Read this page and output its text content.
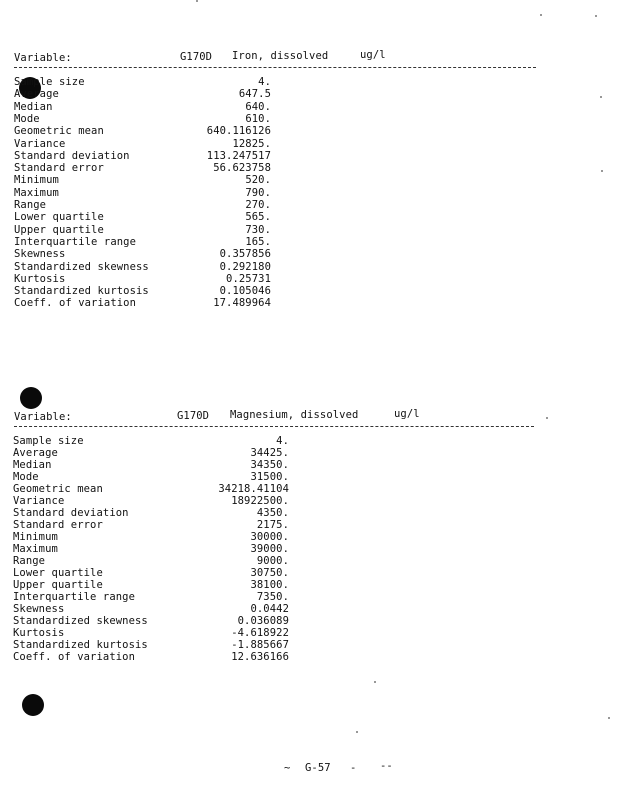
Variable:	G170D Iron, dissolved	ug/l
Sample size	4.
Average	647.5
Median	640.
Mode	610.
Geometric mean	640.116126
Variance	12825.
Standard deviation	113.247517
Standard error	56.623758
Minimum	520.
Maximum	790.
Range	270.
Lower quartile	565.
Upper quartile	730.
Interquartile range	165.
Skewness	0.357856
Standardized skewness	0.292180
Kurtosis	0.25731
Standardized kurtosis	0.105046
Coeff. of variation	17.489964
Variable:	G170D Magnesium, dissolved	ug/l
Sample size	4.
Average	34425.
Median	34350.
Mode	31500.
Geometric mean	34218.41104
Variance	18922500.
Standard deviation	4350.
Standard error	2175.
Minimum	30000.
Maximum	39000.
Range	9000.
Lower quartile	30750.
Upper quartile	38100.
Interquartile range	7350.
Skewness	0.0442
Standardized skewness	0.036089
Kurtosis	-4.618922
Standardized kurtosis	-1.885667
Coeff. of variation	12.636166
~ G-57 - --
